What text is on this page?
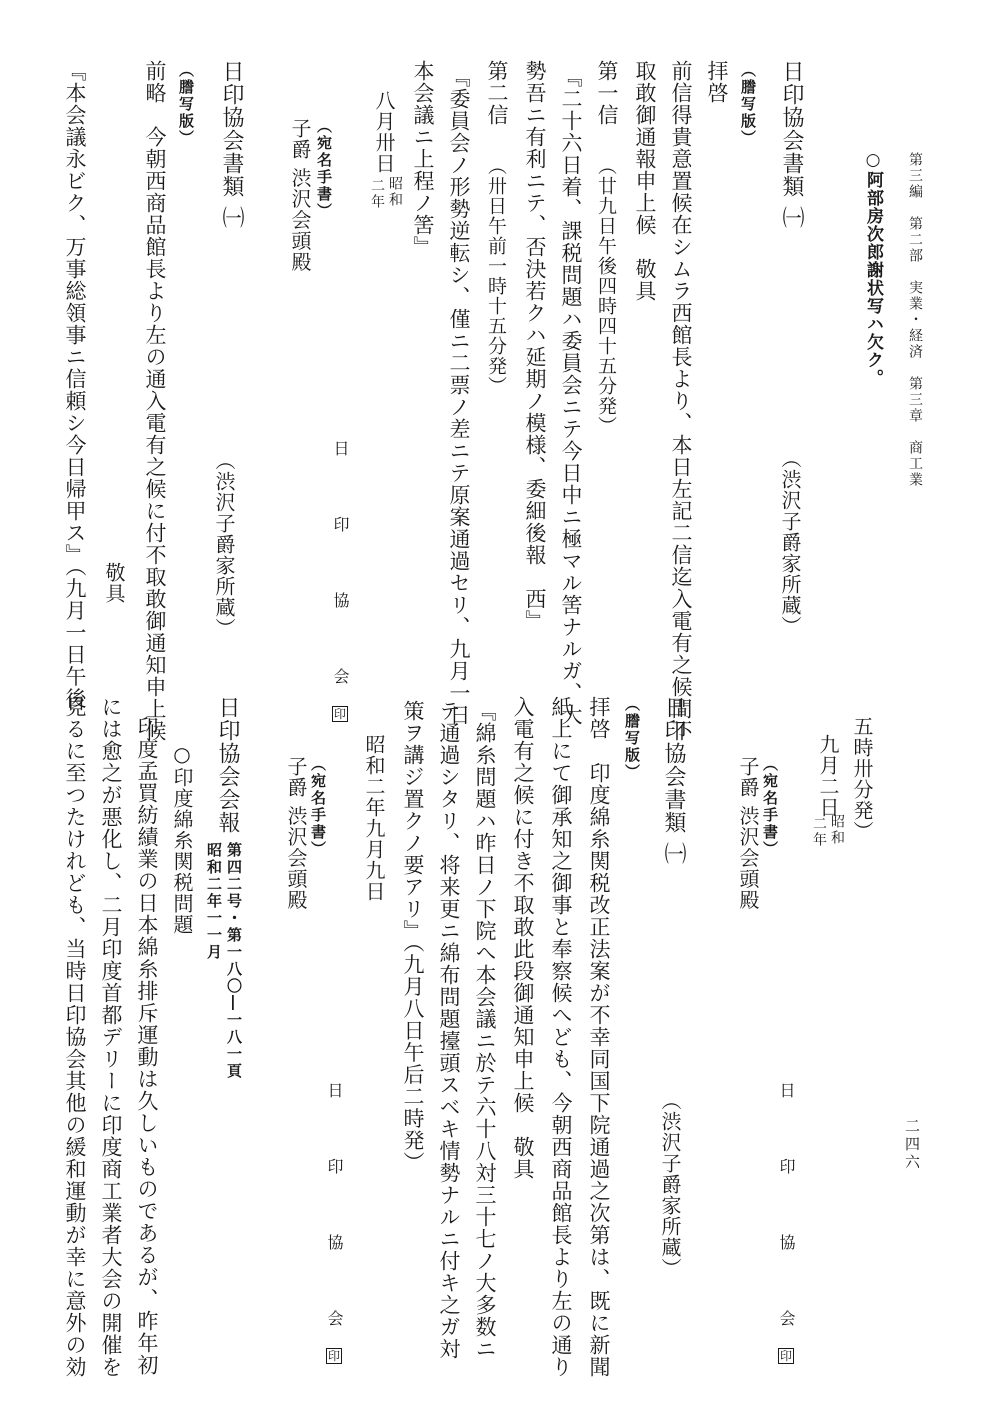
第三編　第二部　実業・経済　第三章　商工業
二四六
○阿部房次郎謝状写ハ欠ク。
日印協会書類 ㈠
（渋沢子爵家所蔵）
（謄写版）
拝啓
前信得貴意置候在シムラ西館長より、本日左記二信迄入電有之候間不
取敢御通報申上候　敬具
第一信
（廿九日午後四時四十五分発）
『二十六日着、課税問題ハ委員会ニテ今日中ニ極マル筈ナルガ、大
勢吾ニ有利ニテ、否決若クハ延期ノ模様、委細後報　西』
第二信
（卅日午前一時十五分発）
『委員会ノ形勢逆転シ、僅ニ二票ノ差ニテ原案通過セリ、九月一日
本会議ニ上程ノ筈』
八月卅日
昭和
二年
日　印　協　会印
（宛名手書）
子爵 渋沢会頭殿
日印協会書類 ㈠
（渋沢子爵家所蔵）
（謄写版）
前略　今朝西商品館長より左の通入電有之候に付不取敢御通知申上候
敬具
『本会議永ビク、万事総領事ニ信頼シ今日帰甲ス』（九月一日午後
五時卅分発）
九月二日
昭和
二年
日　印　協　会印
（宛名手書）
子爵 渋沢会頭殿
日印協会書類 ㈠
（渋沢子爵家所蔵）
（謄写版）
拝啓　印度綿糸関税改正法案が不幸同国下院通過之次第は、既に新聞
紙上にて御承知之御事と奉察候へども、今朝西商品館長より左の通り
入電有之候に付き不取敢此段御通知申上候　敬具
『綿糸問題ハ昨日ノ下院へ本会議ニ於テ六十八対三十七ノ大多数ニ
テ通過シタリ、将来更ニ綿布問題擡頭スベキ情勢ナルニ付キ之ガ対
策ヲ講ジ置クノ要アリ』（九月八日午后二時発）
昭和二年九月九日
日　印　協　会印
（宛名手書）
子爵 渋沢会頭殿
日印協会会報
第四二号・第一八〇―一八一頁
昭和二年一一月
○印度綿糸関税問題
印度孟買紡績業の日本綿糸排斥運動は久しいものであるが、昨年初
には愈之が悪化し、二月印度首都デリーに印度商工業者大会の開催を
見るに至つたけれども、当時日印協会其他の緩和運動が幸に意外の効
